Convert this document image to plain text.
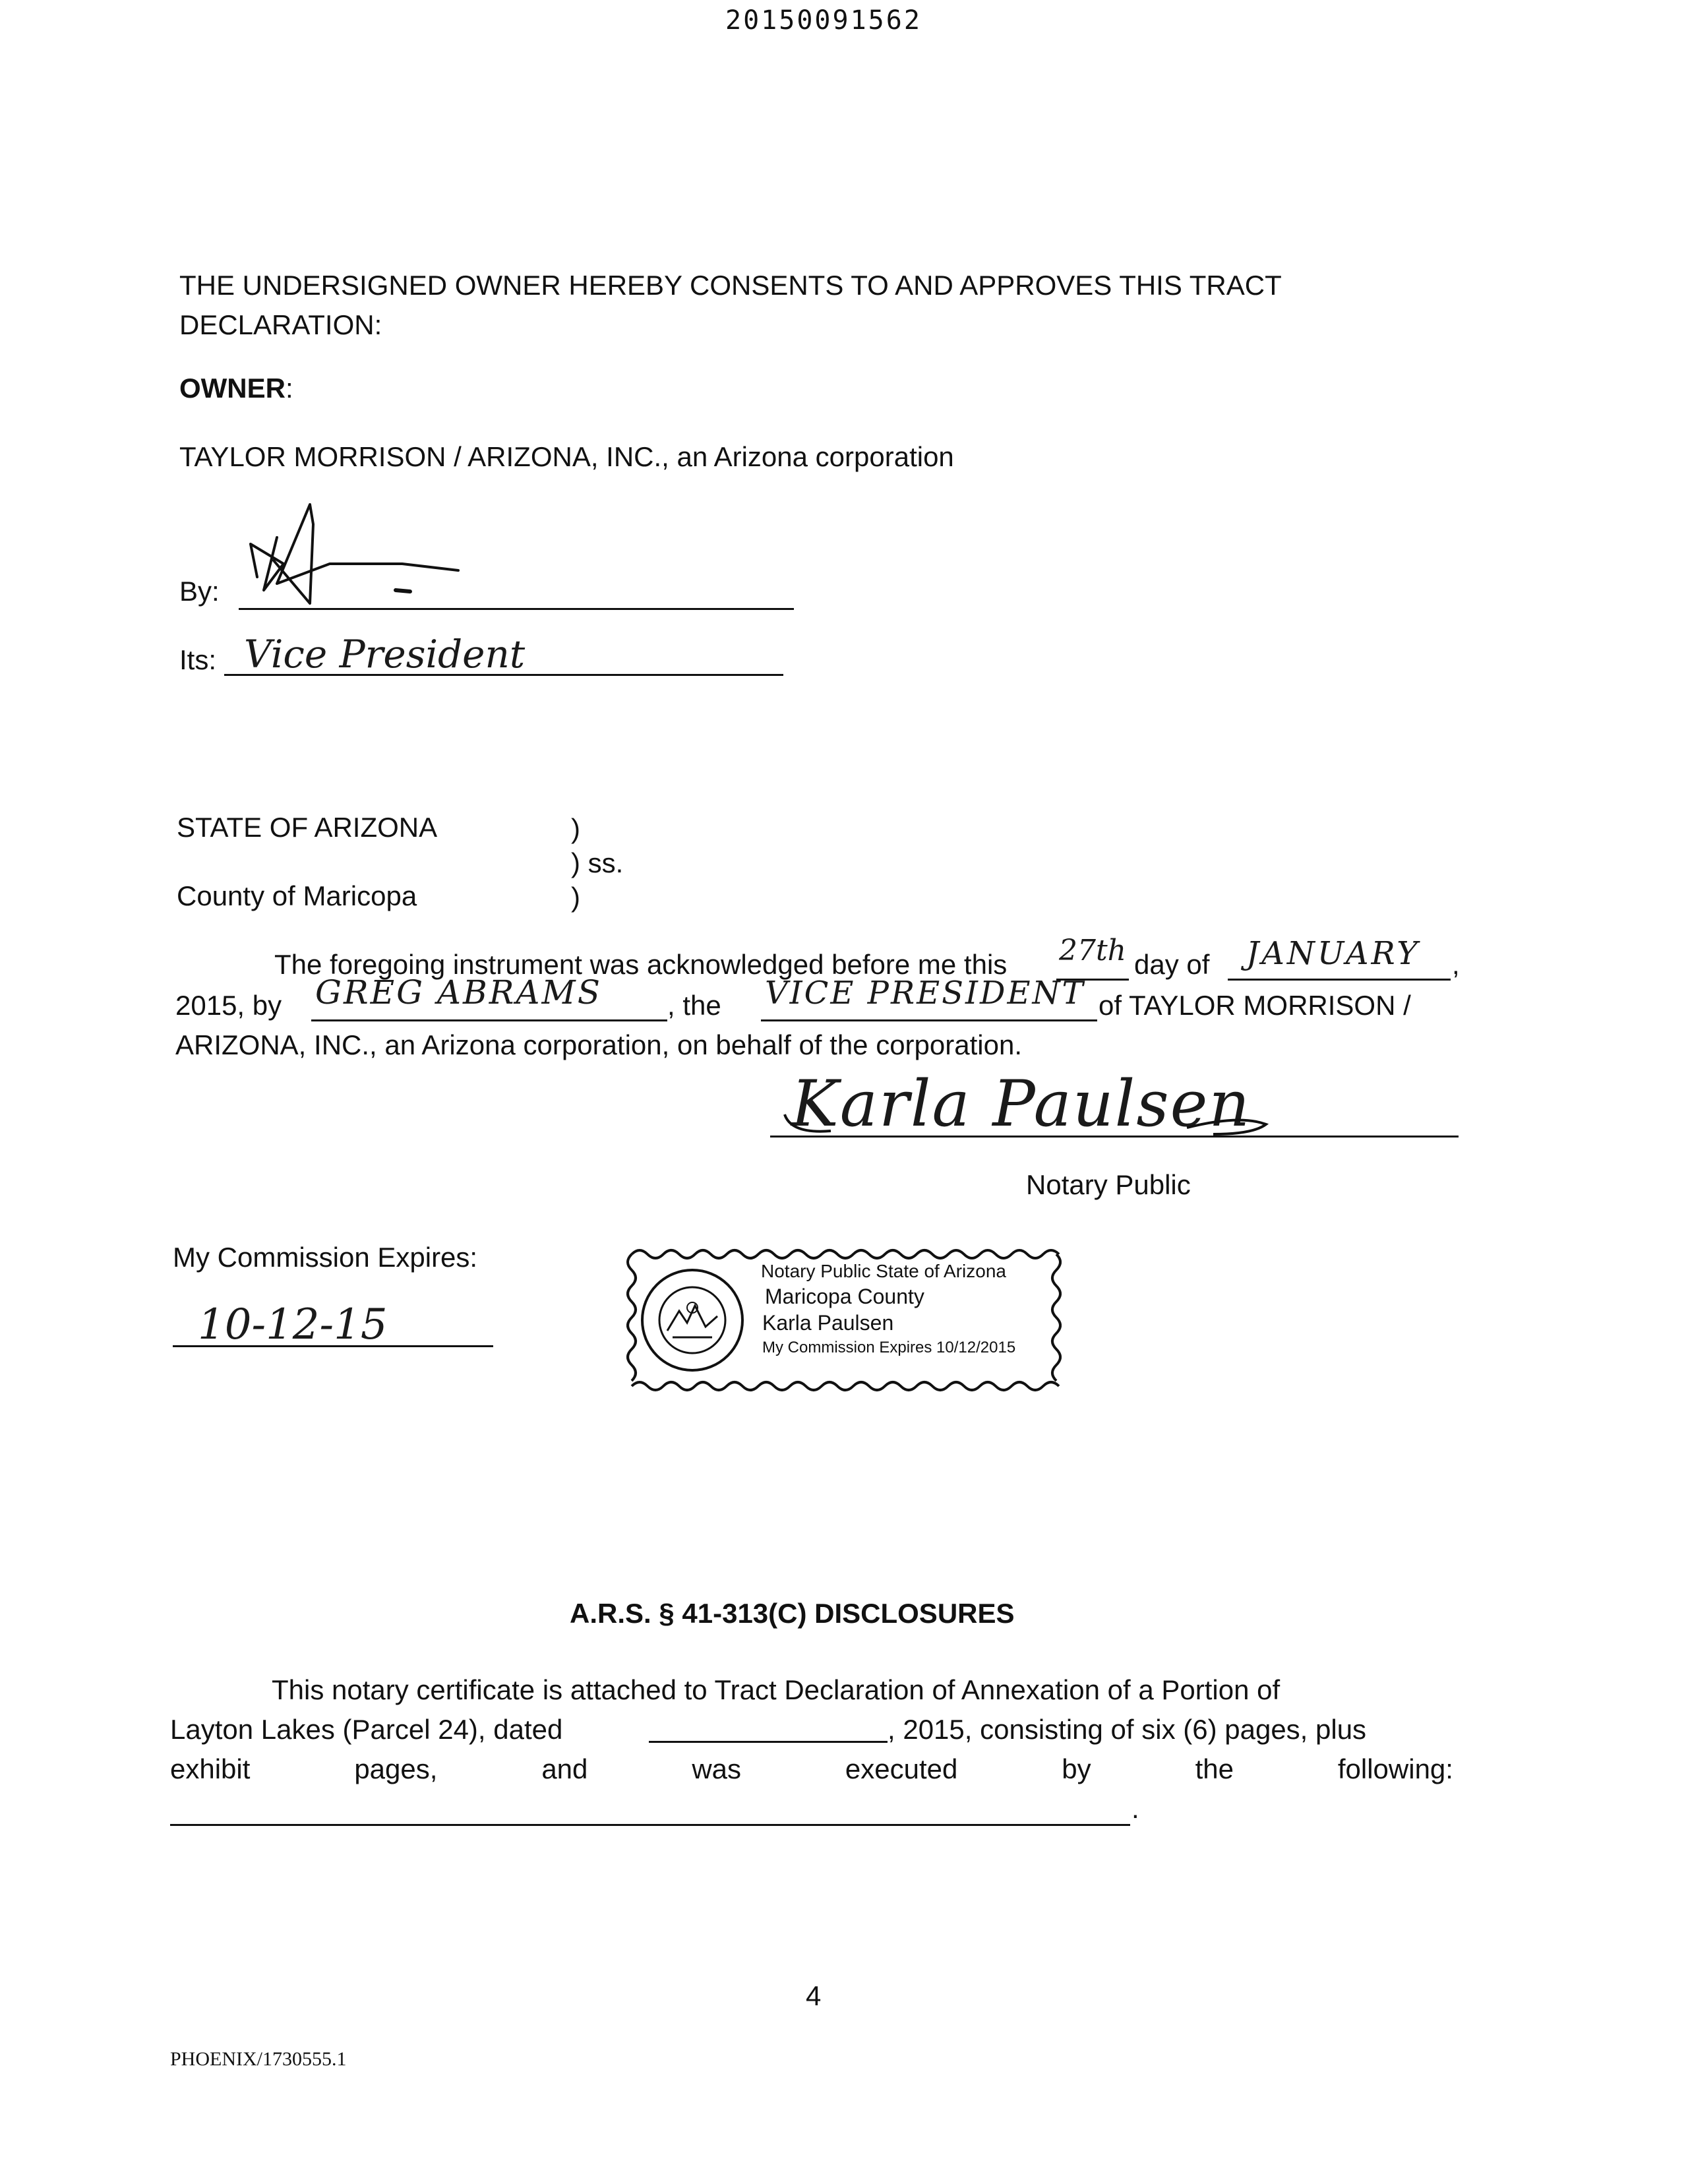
20150091562
THE UNDERSIGNED OWNER HEREBY CONSENTS TO AND APPROVES THIS TRACT
DECLARATION:
OWNER:
TAYLOR MORRISON / ARIZONA, INC., an Arizona corporation
By:
Its: Vice President
STATE OF ARIZONA
County of Maricopa
)
) ss.
)
The foregoing instrument was acknowledged before me this 27th day of JANUARY ,
2015, by GREG ABRAMS , the VICE PRESIDENT of TAYLOR MORRISON /
ARIZONA, INC., an Arizona corporation, on behalf of the corporation.
Karla Paulsen
Notary Public
My Commission Expires:
10-12-15
Notary Public State of Arizona
Maricopa County
Karla Paulsen
My Commission Expires 10/12/2015
A.R.S. § 41-313(C) DISCLOSURES
This notary certificate is attached to Tract Declaration of Annexation of a Portion of
Layton Lakes (Parcel 24), dated	, 2015, consisting of six (6) pages, plus
exhibit	pages,	and	was	executed	by	the	following:
.
4
PHOENIX/1730555.1
